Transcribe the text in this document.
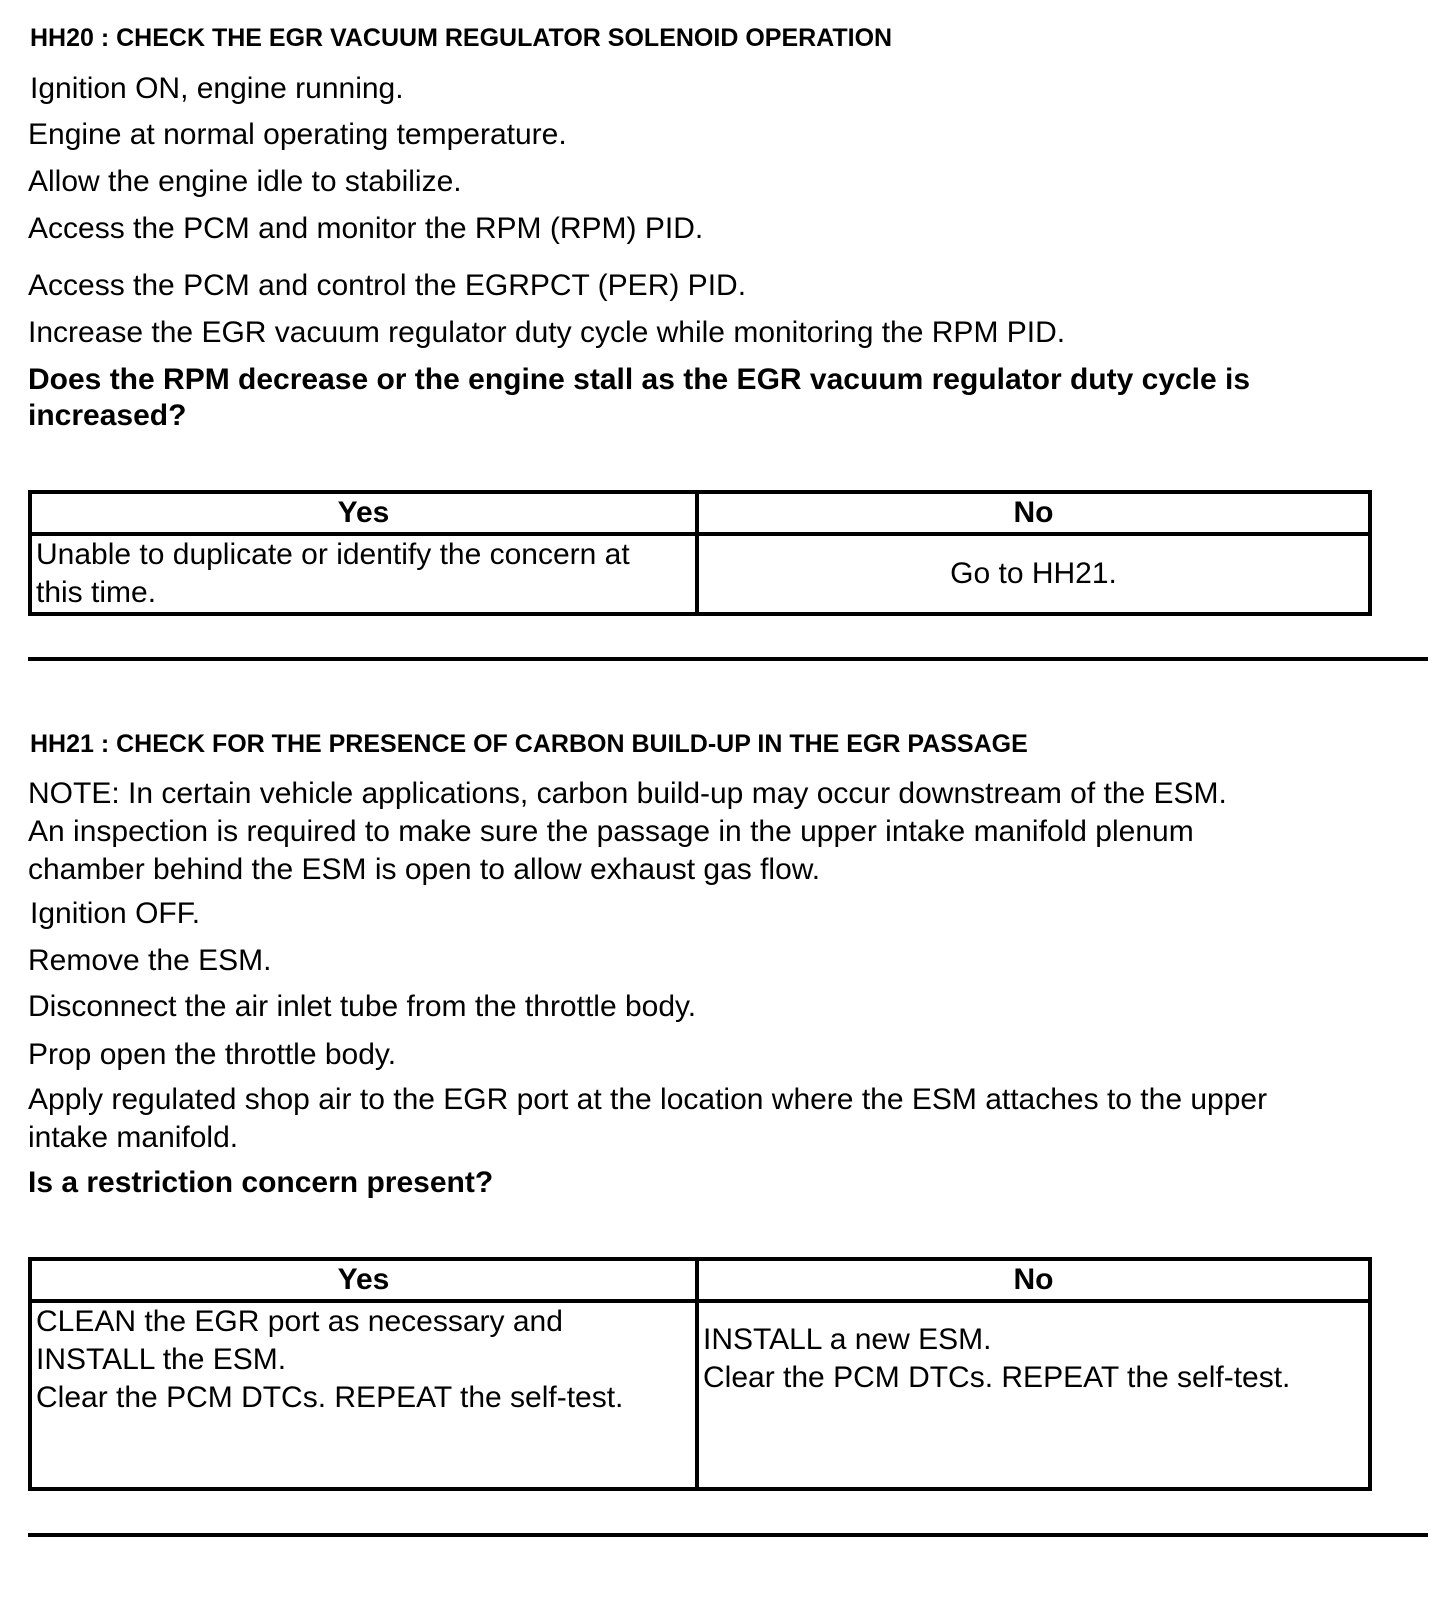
HH20 : CHECK THE EGR VACUUM REGULATOR SOLENOID OPERATION
Ignition ON, engine running.
Engine at normal operating temperature.
Allow the engine idle to stabilize.
Access the PCM and monitor the RPM (RPM) PID.
Access the PCM and control the EGRPCT (PER) PID.
Increase the EGR vacuum regulator duty cycle while monitoring the RPM PID.
Does the RPM decrease or the engine stall as the EGR vacuum regulator duty cycle is increased?
Yes	No

Unable to duplicate or identify the concern at
this time.	Go to HH21.
HH21 : CHECK FOR THE PRESENCE OF CARBON BUILD-UP IN THE EGR PASSAGE
NOTE: In certain vehicle applications, carbon build-up may occur downstream of the ESM.
An inspection is required to make sure the passage in the upper intake manifold plenum
chamber behind the ESM is open to allow exhaust gas flow.
Ignition OFF.
Remove the ESM.
Disconnect the air inlet tube from the throttle body.
Prop open the throttle body.
Apply regulated shop air to the EGR port at the location where the ESM attaches to the upper
intake manifold.
Is a restriction concern present?
Yes	No

CLEAN the EGR port as necessary and
INSTALL the ESM.
Clear the PCM DTCs. REPEAT the self-test.	INSTALL a new ESM.
Clear the PCM DTCs. REPEAT the self-test.
